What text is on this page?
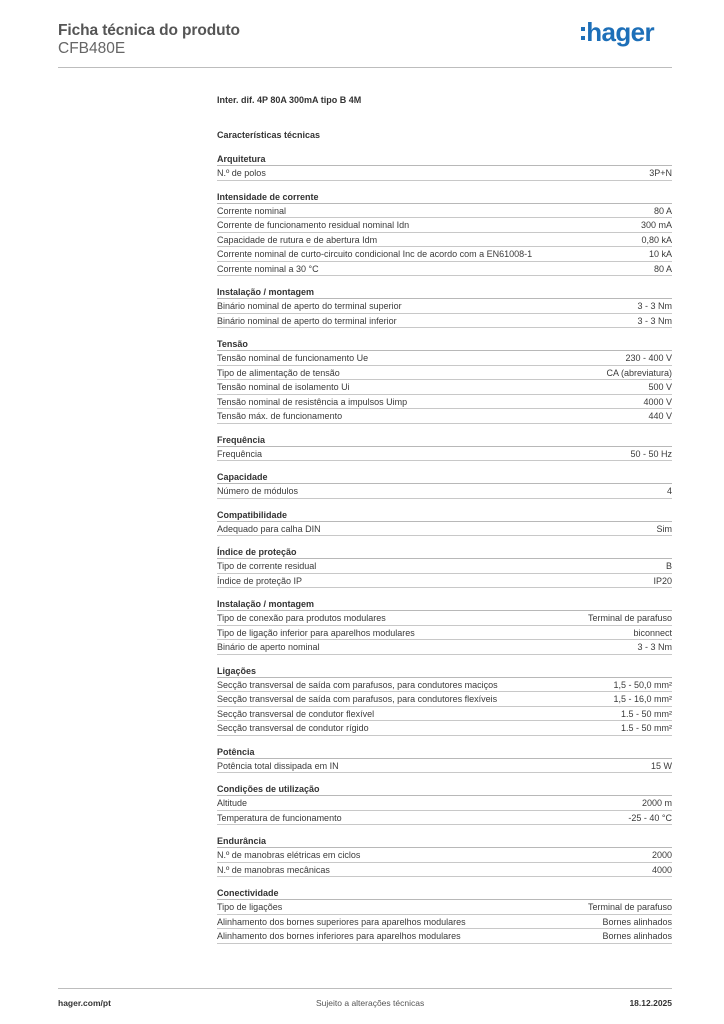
Ficha técnica do produto
CFB480E
hager
Inter. dif. 4P 80A 300mA tipo B 4M
Características técnicas
Arquitetura
N.º de polos	3P+N
Intensidade de corrente
Corrente nominal	80 A
Corrente de funcionamento residual nominal Idn	300 mA
Capacidade de rutura e de abertura Idm	0,80 kA
Corrente nominal de curto-circuito condicional Inc de acordo com a EN61008-1	10 kA
Corrente nominal a 30 °C	80 A
Instalação / montagem
Binário nominal de aperto do terminal superior	3 - 3 Nm
Binário nominal de aperto do terminal inferior	3 - 3 Nm
Tensão
Tensão nominal de funcionamento Ue	230 - 400 V
Tipo de alimentação de tensão	CA (abreviatura)
Tensão nominal de isolamento Ui	500 V
Tensão nominal de resistência a impulsos Uimp	4000 V
Tensão máx. de funcionamento	440 V
Frequência
Frequência	50 - 50 Hz
Capacidade
Número de módulos	4
Compatibilidade
Adequado para calha DIN	Sim
Índice de proteção
Tipo de corrente residual	B
Índice de proteção IP	IP20
Instalação / montagem
Tipo de conexão para produtos modulares	Terminal de parafuso
Tipo de ligação inferior para aparelhos modulares	biconnect
Binário de aperto nominal	3 - 3 Nm
Ligações
Secção transversal de saída com parafusos, para condutores maciços	1,5 - 50,0 mm²
Secção transversal de saída com parafusos, para condutores flexíveis	1,5 - 16,0 mm²
Secção transversal de condutor flexível	1.5 - 50 mm²
Secção transversal de condutor rígido	1.5 - 50 mm²
Potência
Potência total dissipada em IN	15 W
Condições de utilização
Altitude	2000 m
Temperatura de funcionamento	-25 - 40 °C
Endurância
N.º de manobras elétricas em ciclos	2000
N.º de manobras mecânicas	4000
Conectividade
Tipo de ligações	Terminal de parafuso
Alinhamento dos bornes superiores para aparelhos modulares	Bornes alinhados
Alinhamento dos bornes inferiores para aparelhos modulares	Bornes alinhados
hager.com/pt	Sujeito a alterações técnicas	18.12.2025
